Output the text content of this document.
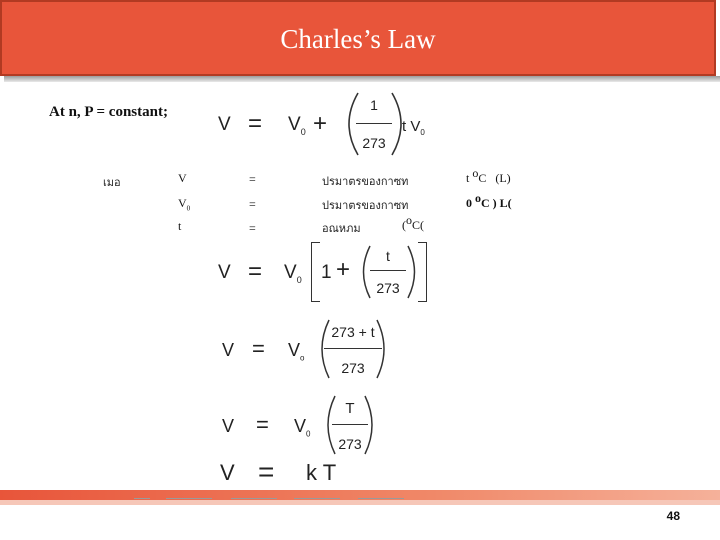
Charles’s Law
At n, P = constant;
$V = V_0$ +
1
273
t $V_0$
เมอ	V	=	ปรมาตรของกาซท	t $^o$C (L)
$V_0$	=	ปรมาตรของกาซท	0 $^o$C ) L(
t	=	อณหภม	($^o$C(
$V = V_0$ 1 +	t
273
$V = V_o$
273 + t
273
$V = V_0$
T
273
V = k T
48
